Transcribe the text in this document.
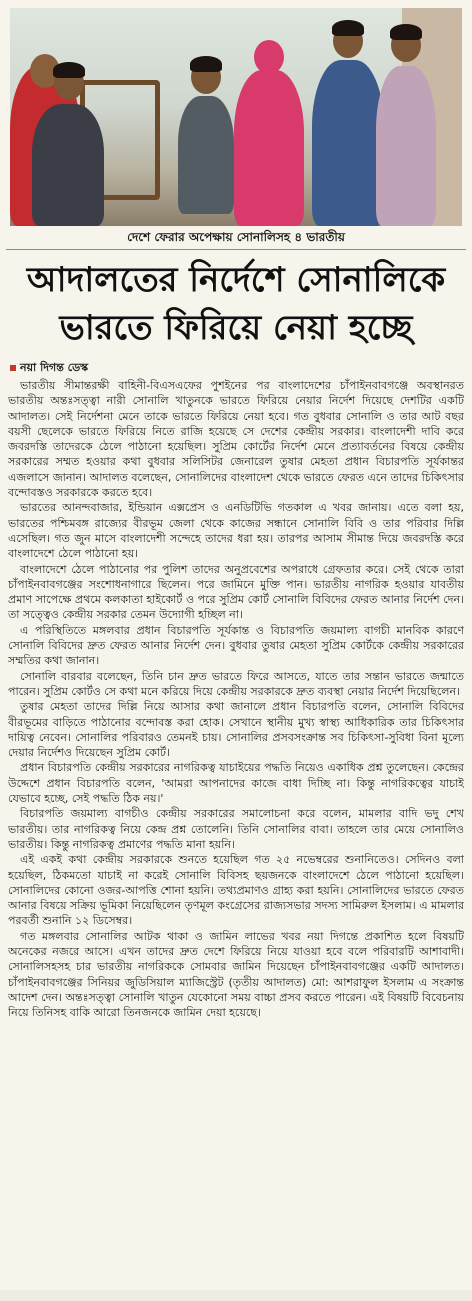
দেশে ফেরার অপেক্ষায় সোনালিসহ ৪ ভারতীয়
আদালতের নির্দেশে সোনালিকে
ভারতে ফিরিয়ে নেয়া হচ্ছে
নয়া দিগন্ত ডেস্ক

ভারতীয় সীমান্তরক্ষী বাহিনী-বিএসএফের পুশইনের পর বাংলাদেশের চাঁপাইনবাবগঞ্জে অবস্থানরত ভারতীয় অন্তঃসত্ত্বা নারী সোনালি খাতুনকে ভারতে ফিরিয়ে নেয়ার নির্দেশ দিয়েছে দেশটির একটি আদালত। সেই নির্দেশনা মেনে তাকে ভারতে ফিরিয়ে নেয়া হবে। গত বুধবার সোনালি ও তার আট বছর বয়সী ছেলেকে ভারতে ফিরিয়ে নিতে রাজি হয়েছে সে দেশের কেন্দ্রীয় সরকার। বাংলাদেশী দাবি করে জবরদস্তি তাদেরকে ঠেলে পাঠানো হয়েছিল। সুপ্রিম কোর্টের নির্দেশ মেনে প্রত্যাবর্তনের বিষয়ে কেন্দ্রীয় সরকারের সম্মত হওয়ার কথা বুধবার সলিসিটর জেনারেল তুষার মেহতা প্রধান বিচারপতি সূর্যকান্তর এজলাসে জানান। আদালত বলেছেন, সোনালিদের বাংলাদেশ থেকে ভারতে ফেরত এনে তাদের চিকিৎসার বন্দোবস্তও সরকারকে করতে হবে।

ভারতের আনন্দবাজার, ইন্ডিয়ান এক্সপ্রেস ও এনডিটিভি গতকাল এ খবর জানায়। এতে বলা হয়, ভারতের পশ্চিমবঙ্গ রাজ্যের বীরভূম জেলা থেকে কাজের সন্ধানে সোনালি বিবি ও তার পরিবার দিল্লি এসেছিল। গত জুন মাসে বাংলাদেশী সন্দেহে তাদের ধরা হয়। তারপর আসাম সীমান্ত দিয়ে জবরদস্তি করে বাংলাদেশে ঠেলে পাঠানো হয়।

বাংলাদেশে ঠেলে পাঠানোর পর পুলিশ তাদের অনুপ্রবেশের অপরাধে গ্রেফতার করে। সেই থেকে তারা চাঁপাইনবাবগঞ্জের সংশোধনাগারে ছিলেন। পরে জামিনে মুক্তি পান। ভারতীয় নাগরিক হওয়ার যাবতীয় প্রমাণ সাপেক্ষে প্রথমে কলকাতা হাইকোর্ট ও পরে সুপ্রিম কোর্ট সোনালি বিবিদের ফেরত আনার নির্দেশ দেন। তা সত্ত্বেও কেন্দ্রীয় সরকার তেমন উদ্যোগী হচ্ছিল না।

এ পরিস্থিতিতে মঙ্গলবার প্রধান বিচারপতি সূর্যকান্ত ও বিচারপতি জয়মাল্য বাগচী মানবিক কারণে সোনালি বিবিদের দ্রুত ফেরত আনার নির্দেশ দেন। বুধবার তুষার মেহতা সুপ্রিম কোর্টকে কেন্দ্রীয় সরকারের সম্মতির কথা জানান।

সোনালি বারবার বলেছেন, তিনি চান দ্রুত ভারতে ফিরে আসতে, যাতে তার সন্তান ভারতে জন্মাতে পারেন। সুপ্রিম কোর্টও সে কথা মনে করিয়ে দিয়ে কেন্দ্রীয় সরকারকে দ্রুত ব্যবস্থা নেয়ার নির্দেশ দিয়েছিলেন।

তুষার মেহতা তাদের দিল্লি নিয়ে আসার কথা জানালে প্রধান বিচারপতি বলেন, সোনালি বিবিদের বীরভূমের বাড়িতে পাঠানোর বন্দোবস্ত করা হোক। সেখানে স্থানীয় মুখ্য স্বাস্থ্য আধিকারিক তার চিকিৎসার দায়িত্ব নেবেন। সোনালির পরিবারও তেমনই চায়। সোনালির প্রসবসংক্রান্ত সব চিকিৎসা-সুবিধা বিনা মূল্যে দেয়ার নির্দেশও দিয়েছেন সুপ্রিম কোর্ট।

প্রধান বিচারপতি কেন্দ্রীয় সরকারের নাগরিকত্ব যাচাইয়ের পদ্ধতি নিয়েও একাধিক প্রশ্ন তুলেছেন। কেন্দ্রের উদ্দেশে প্রধান বিচারপতি বলেন, 'আমরা আপনাদের কাজে বাধা দিচ্ছি না। কিন্তু নাগরিকত্বের যাচাই যেভাবে হচ্ছে, সেই পদ্ধতি ঠিক নয়।'

বিচারপতি জয়মাল্য বাগচীও কেন্দ্রীয় সরকারের সমালোচনা করে বলেন, মামলার বাদি ভদু শেখ ভারতীয়। তার নাগরিকত্ব নিয়ে কেন্দ্র প্রশ্ন তোলেনি। তিনি সোনালির বাবা। তাহলে তার মেয়ে সোনালিও ভারতীয়। কিন্তু নাগরিকত্ব প্রমাণের পদ্ধতি মানা হয়নি।

এই একই কথা কেন্দ্রীয় সরকারকে শুনতে হয়েছিল গত ২৫ নভেম্বরের শুনানিতেও। সেদিনও বলা হয়েছিল, ঠিকমতো যাচাই না করেই সোনালি বিবিসহ ছয়জনকে বাংলাদেশে ঠেলে পাঠানো হয়েছিল। সোনালিদের কোনো ওজর-আপত্তি শোনা হয়নি। তথ্যপ্রমাণও গ্রাহ্য করা হয়নি। সোনালিদের ভারতে ফেরত আনার বিষয়ে সক্রিয় ভূমিকা নিয়েছিলেন তৃণমূল কংগ্রেসের রাজ্যসভার সদস্য সামিরুল ইসলাম। এ মামলার পরবর্তী শুনানি ১২ ডিসেম্বর।

গত মঙ্গলবার সোনালির আটক থাকা ও জামিন লাভের খবর নয়া দিগন্তে প্রকাশিত হলে বিষয়টি অনেকের নজরে আসে। এখন তাদের দ্রুত দেশে ফিরিয়ে নিয়ে যাওয়া হবে বলে পরিবারটি আশাবাদী। সোনালিসহসহ চার ভারতীয় নাগরিককে সোমবার জামিন দিয়েছেন চাঁপাইনবাবগঞ্জের একটি আদালত। চাঁপাইনবাবগঞ্জের সিনিয়র জুডিসিয়াল ম্যাজিস্ট্রেট (তৃতীয় আদালত) মো: আশরাফুল ইসলাম এ সংক্রান্ত আদেশ দেন। অন্তঃসত্ত্বা সোনালি খাতুন যেকোনো সময় বাচ্চা প্রসব করতে পারেন। এই বিষয়টি বিবেচনায় নিয়ে তিনিসহ বাকি আরো তিনজনকে জামিন দেয়া হয়েছে।
